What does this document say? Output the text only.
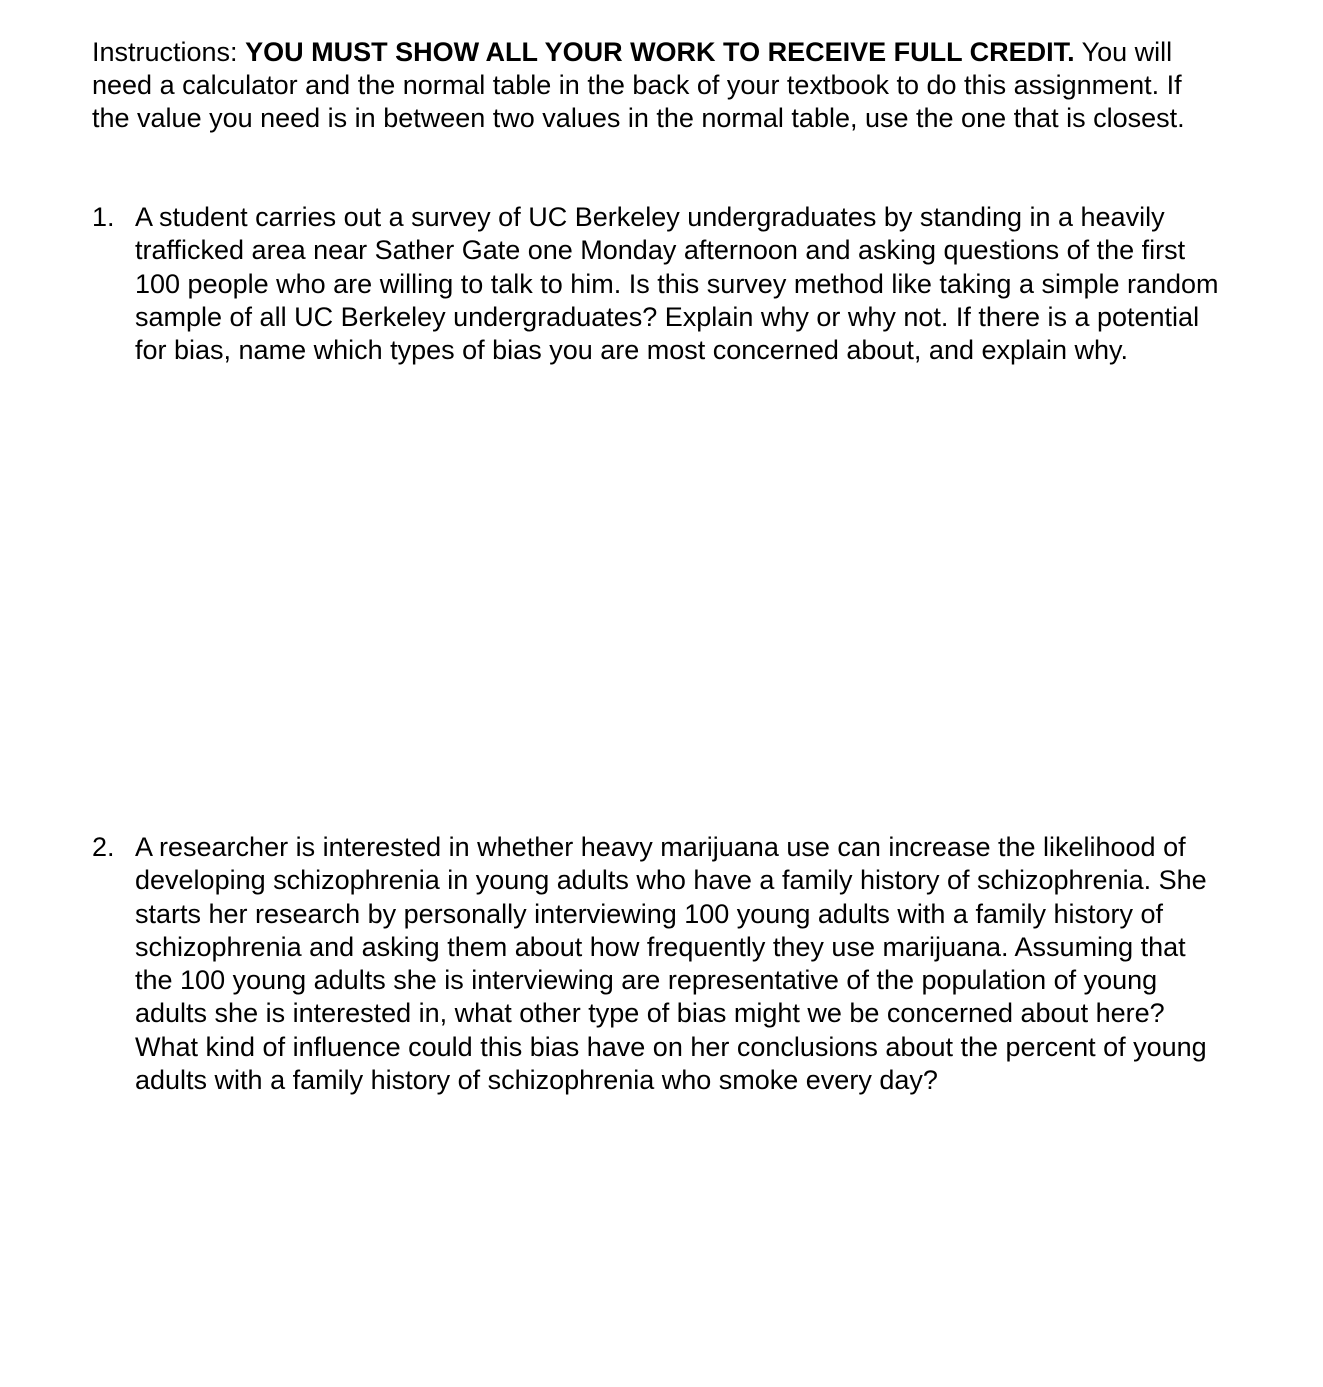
Instructions: YOU MUST SHOW ALL YOUR WORK TO RECEIVE FULL CREDIT. You will need a calculator and the normal table in the back of your textbook to do this assignment. If the value you need is in between two values in the normal table, use the one that is closest.

1. A student carries out a survey of UC Berkeley undergraduates by standing in a heavily trafficked area near Sather Gate one Monday afternoon and asking questions of the first 100 people who are willing to talk to him. Is this survey method like taking a simple random sample of all UC Berkeley undergraduates? Explain why or why not. If there is a potential for bias, name which types of bias you are most concerned about, and explain why.
2. A researcher is interested in whether heavy marijuana use can increase the likelihood of developing schizophrenia in young adults who have a family history of schizophrenia. She starts her research by personally interviewing 100 young adults with a family history of schizophrenia and asking them about how frequently they use marijuana. Assuming that the 100 young adults she is interviewing are representative of the population of young adults she is interested in, what other type of bias might we be concerned about here? What kind of influence could this bias have on her conclusions about the percent of young adults with a family history of schizophrenia who smoke every day?
